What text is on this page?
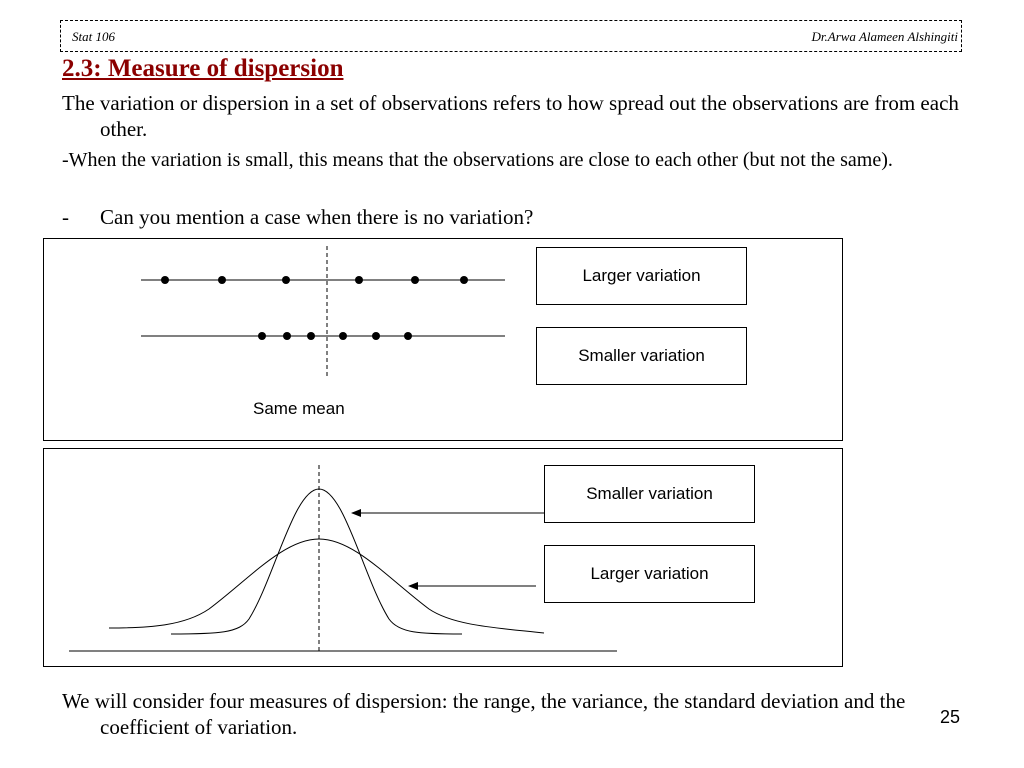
Stat 106	Dr.Arwa Alameen Alshingiti
2.3: Measure of dispersion
The variation or dispersion in a set of observations refers to how spread out the observations are from each other.
-When the variation is small, this means that the observations are close to each other (but not the same).
- Can you mention a case when there is no variation?
Larger variation
Smaller variation
Same mean
Smaller variation
Larger variation
We will consider four measures of dispersion: the range, the variance, the standard deviation and the coefficient of variation.	25
